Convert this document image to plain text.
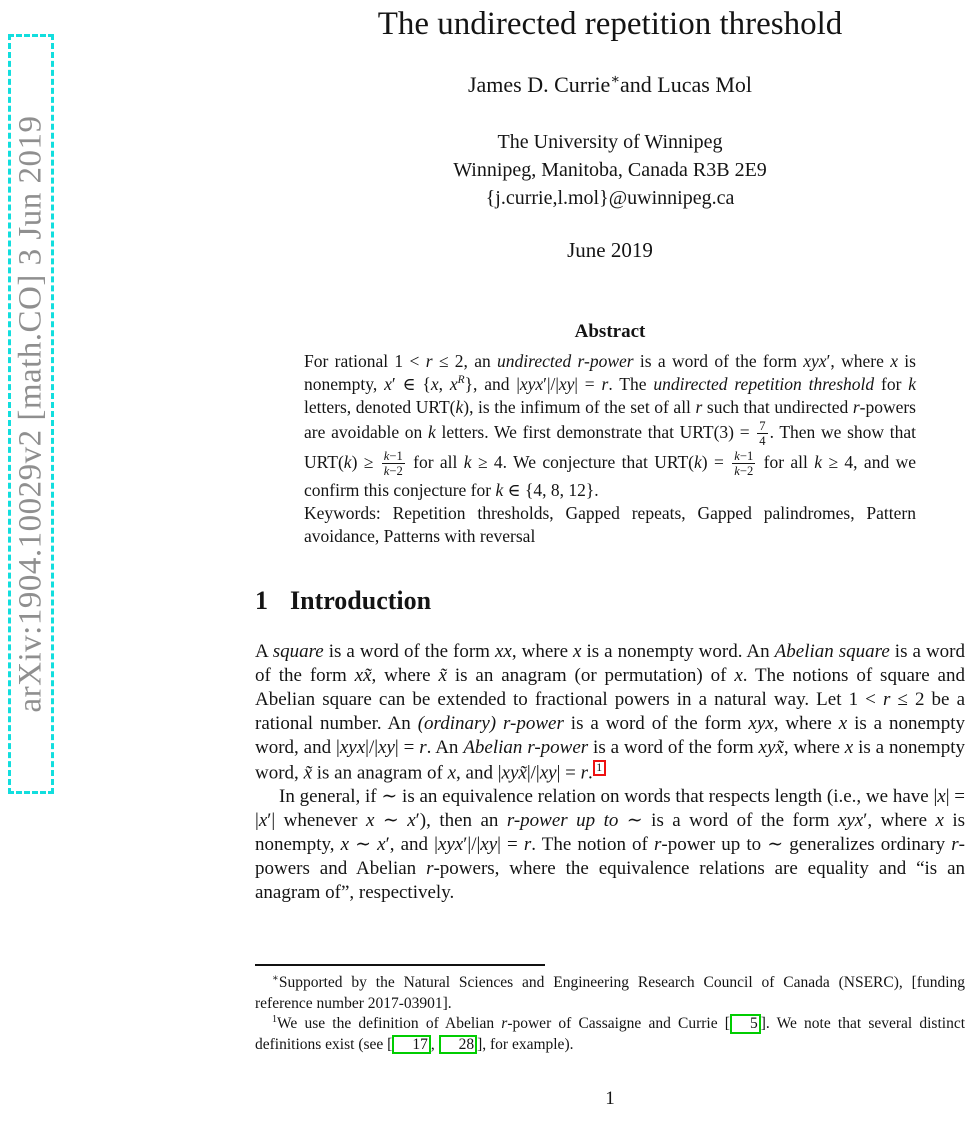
arXiv:1904.10029v2 [math.CO] 3 Jun 2019
The undirected repetition threshold
James D. Currie∗and Lucas Mol
The University of Winnipeg
Winnipeg, Manitoba, Canada R3B 2E9
{j.currie,l.mol}@uwinnipeg.ca
June 2019
Abstract
For rational 1 < r ≤ 2, an undirected r-power is a word of the form xyx′, where x is nonempty, x′ ∈ {x, $x^R$}, and |xyx′|/|xy| = r. The undirected repetition threshold for k letters, denoted URT(k), is the infimum of the set of all r such that undirected r-powers are avoidable on k letters. We first demonstrate that $URT(3) = \frac{7}{4}$ . Then we show that $URT(k) \ge \frac{k-1}{k-2}$ for all k ≥ 4. We conjecture that $URT(k) = \frac{k-1}{k-2}$ for all k ≥ 4, and we confirm this conjecture for k ∈ {4, 8, 12}.
Keywords: Repetition thresholds, Gapped repeats, Gapped palindromes, Pattern avoidance, Patterns with reversal
1 Introduction

A square is a word of the form xx, where x is a nonempty word. An Abelian square is a word of the form xx̃, where x̃ is an anagram (or permutation) of x. The notions of square and Abelian square can be extended to fractional powers in a natural way. Let 1 < r ≤ 2 be a rational number. An (ordinary) r-power is a word of the form xyx, where x is a nonempty word, and |xyx|/|xy| = r. An Abelian r-power is a word of the form xyx̃, where x is a nonempty word, x̃ is an anagram of x, and |xyx̃|/|xy| = r. 1

In general, if ∼ is an equivalence relation on words that respects length (i.e., we have |x| = |x′| whenever x ∼ x′), then an r-power up to ∼ is a word of the form xyx′, where x is nonempty, x ∼ x′, and |xyx′|/|xy| = r. The notion of r-power up to ∼ generalizes ordinary r-powers and Abelian r-powers, where the equivalence relations are equality and “is an anagram of”, respectively.

∗Supported by the Natural Sciences and Engineering Research Council of Canada (NSERC), [funding reference number 2017-03901].

$^1$We use the definition of Abelian r-power of Cassaigne and Currie [ 5 ]. We note that several distinct definitions exist (see [ 17 , 28 ], for example).

1
